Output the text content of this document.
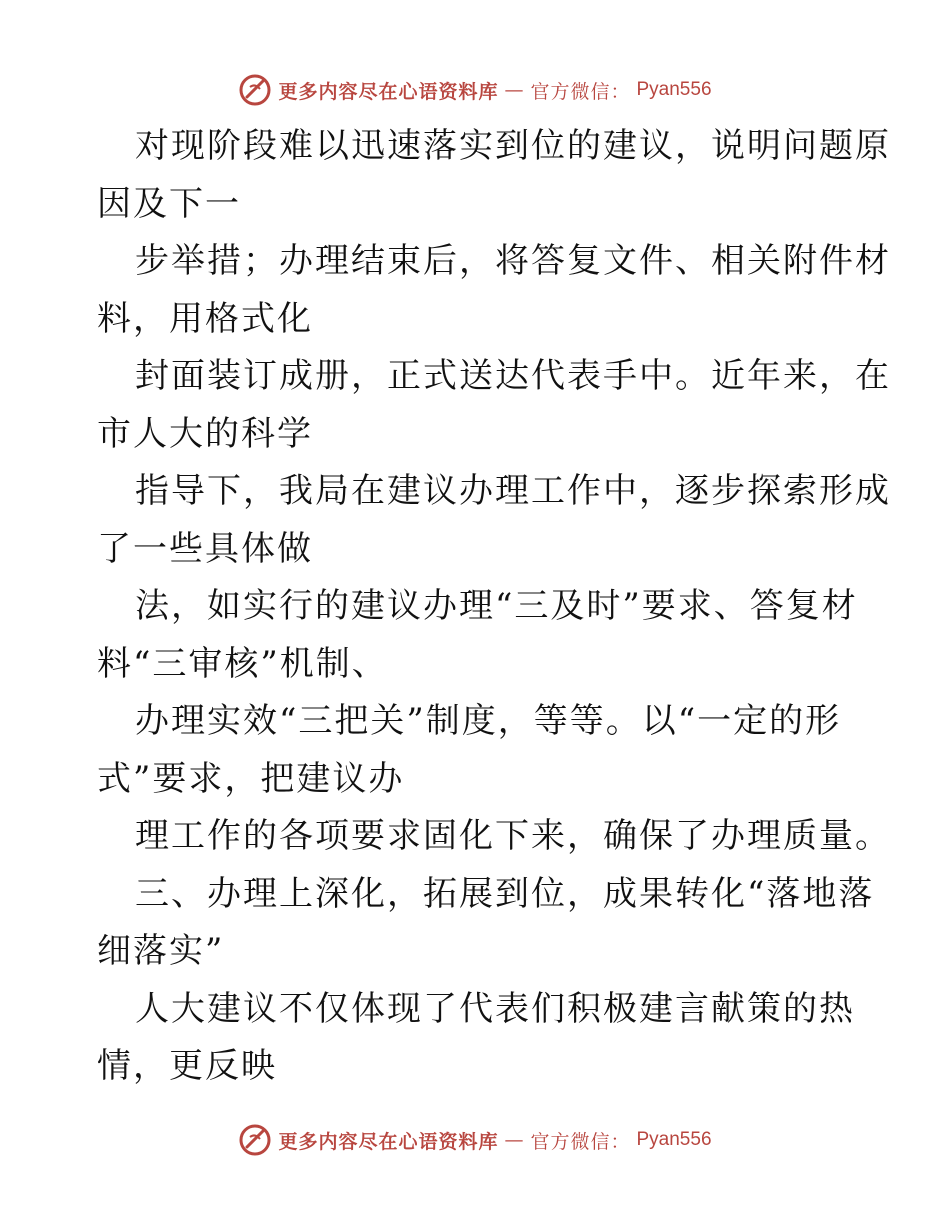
更多内容尽在心语资料库 — 官方微信： Pyan556
对现阶段难以迅速落实到位的建议，说明问题原
因及下一
步举措；办理结束后，将答复文件、相关附件材
料，用格式化
封面装订成册，正式送达代表手中。近年来，在
市人大的科学
指导下，我局在建议办理工作中，逐步探索形成
了一些具体做
法，如实行的建议办理“三及时”要求、答复材
料“三审核”机制、
办理实效“三把关”制度，等等。以“一定的形
式”要求，把建议办
理工作的各项要求固化下来，确保了办理质量。
三、办理上深化，拓展到位，成果转化“落地落
细落实”
人大建议不仅体现了代表们积极建言献策的热
情，更反映
更多内容尽在心语资料库 — 官方微信： Pyan556
